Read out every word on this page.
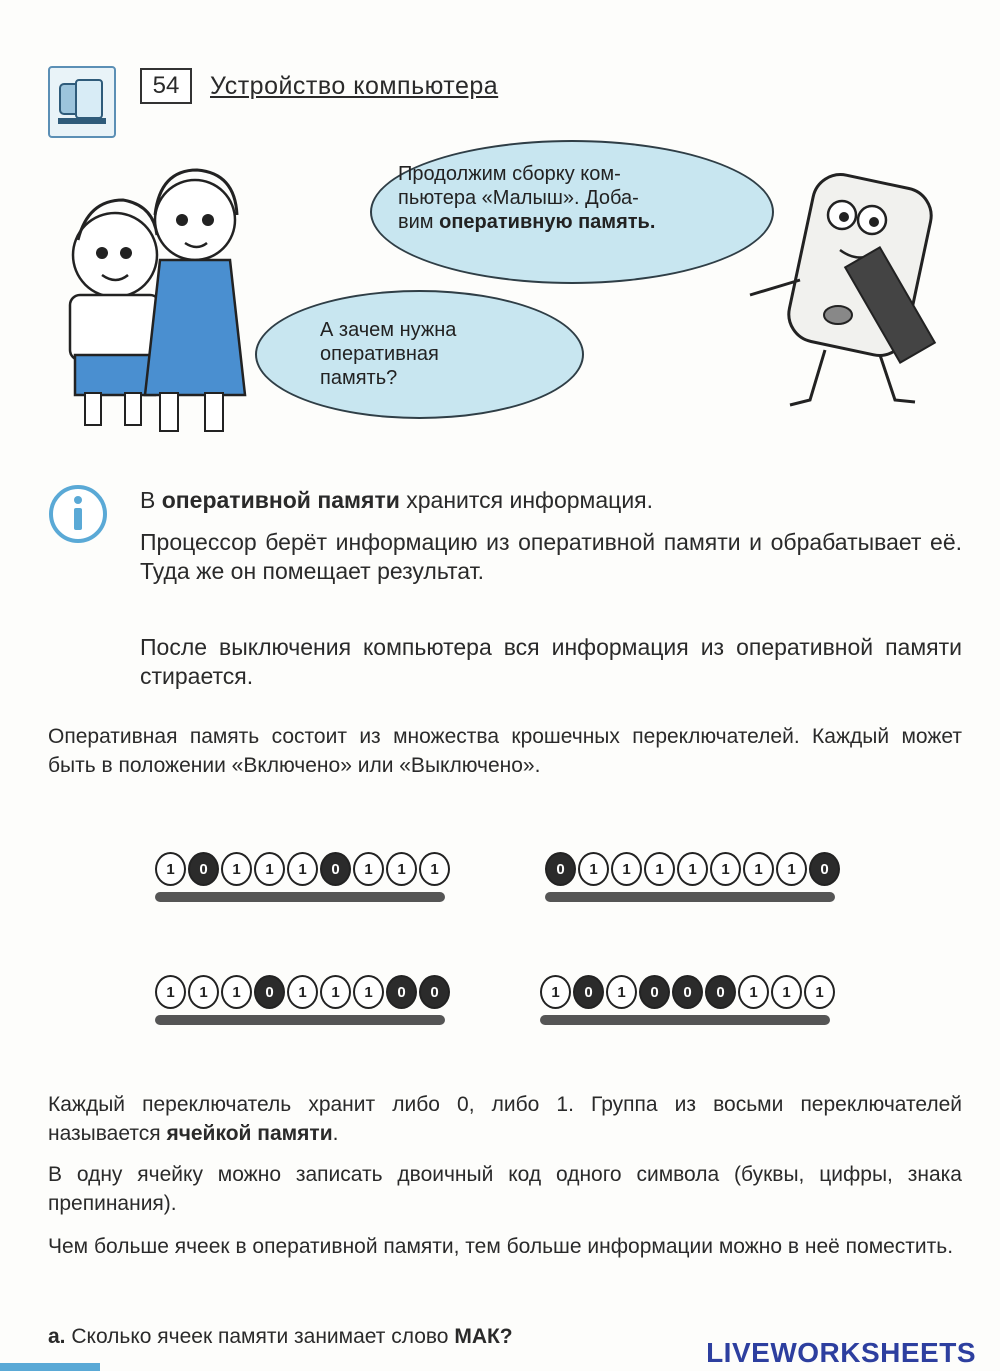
54	Устройство компьютера
Продолжим сборку ком-
пьютера «Малыш». Доба-
вим оперативную память.
А зачем нужна
оперативная
память?
В оперативной памяти хранится информация.
Процессор берёт информацию из оперативной памяти и обрабатывает её. Туда же он помещает результат.
После выключения компьютера вся информация из оперативной памяти стирается.
Оперативная память состоит из множества крошечных переключателей. Каждый может быть в положении «Включено» или «Выключено».
1	0	1	1	1	0	1	1	1	0	1	1	1	1	1	1	1	0
1	1	1	0	1	1	1	0	0	1	0	1	0	0	0	1	1	1
Каждый переключатель хранит либо 0, либо 1. Группа из восьми переключателей называется ячейкой памяти.
В одну ячейку можно записать двоичный код одного символа (буквы, цифры, знака препинания).
Чем больше ячеек в оперативной памяти, тем больше информации можно в неё поместить.
а. Сколько ячеек памяти занимает слово МАК?
LIVEWORKSHEETS
